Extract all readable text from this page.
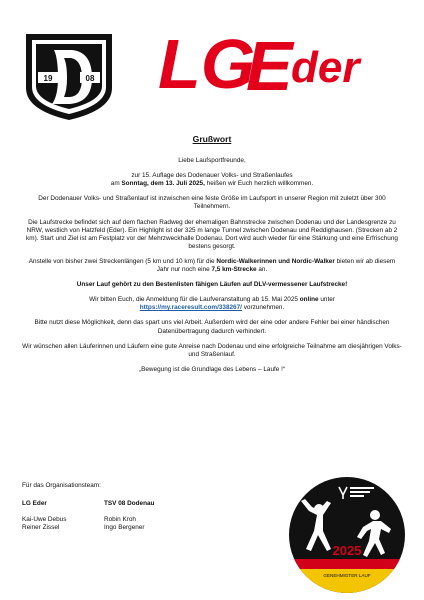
19	08 LG
E
der

Grußwort

Liebe Laufsportfreunde,

zur 15. Auflage des Dodenauer Volks- und Straßenlaufes
am Sonntag, dem 13. Juli 2025, heißen wir Euch herzlich willkommen.

Der Dodenauer Volks- und Straßenlauf ist inzwischen eine feste Größe im Laufsport in unserer Region mit zuletzt über 300 Teilnehmern.

Die Laufstrecke befindet sich auf dem flachen Radweg der ehemaligen Bahnstrecke zwischen Dodenau und der Landesgrenze zu NRW, westlich von Hatzfeld (Eder). Ein Highlight ist der 325 m lange Tunnel zwischen Dodenau und Reddighausen. (Strecken ab 2 km). Start und Ziel ist am Festplatz vor der Mehrzweckhalle Dodenau. Dort wird auch wieder für eine Stärkung und eine Erfrischung bestens gesorgt.

Anstelle von bisher zwei Streckenlängen (5 km und 10 km) für die Nordic-Walkerinnen und Nordic-Walker bieten wir ab diesem Jahr nur noch eine 7,5 km-Strecke an.

Unser Lauf gehört zu den Bestenlisten fähigen Läufen auf DLV-vermessener Laufstrecke!

Wir bitten Euch, die Anmeldung für die Laufveranstaltung ab 15. Mai 2025 online unter
https://my.raceresult.com/338267/ vorzunehmen.

Bitte nutzt diese Möglichkeit, denn das spart uns viel Arbeit. Außerdem wird der eine oder andere Fehler bei einer händischen Datenübertragung dadurch verhindert.

Wir wünschen allen Läuferinnen und Läufern eine gute Anreise nach Dodenau und eine erfolgreiche Teilnahme am diesjährigen Volks-und Straßenlauf.

„Bewegung ist die Grundlage des Lebens – Laufe !“

Für das Organisationsteam:
LG Eder
Kai-Uwe Debus
Reiner Zissel
TSV 08 Dodenau
Robin Kroh
Ingo Bergener
2025
GENEHMIGTER LAUF
